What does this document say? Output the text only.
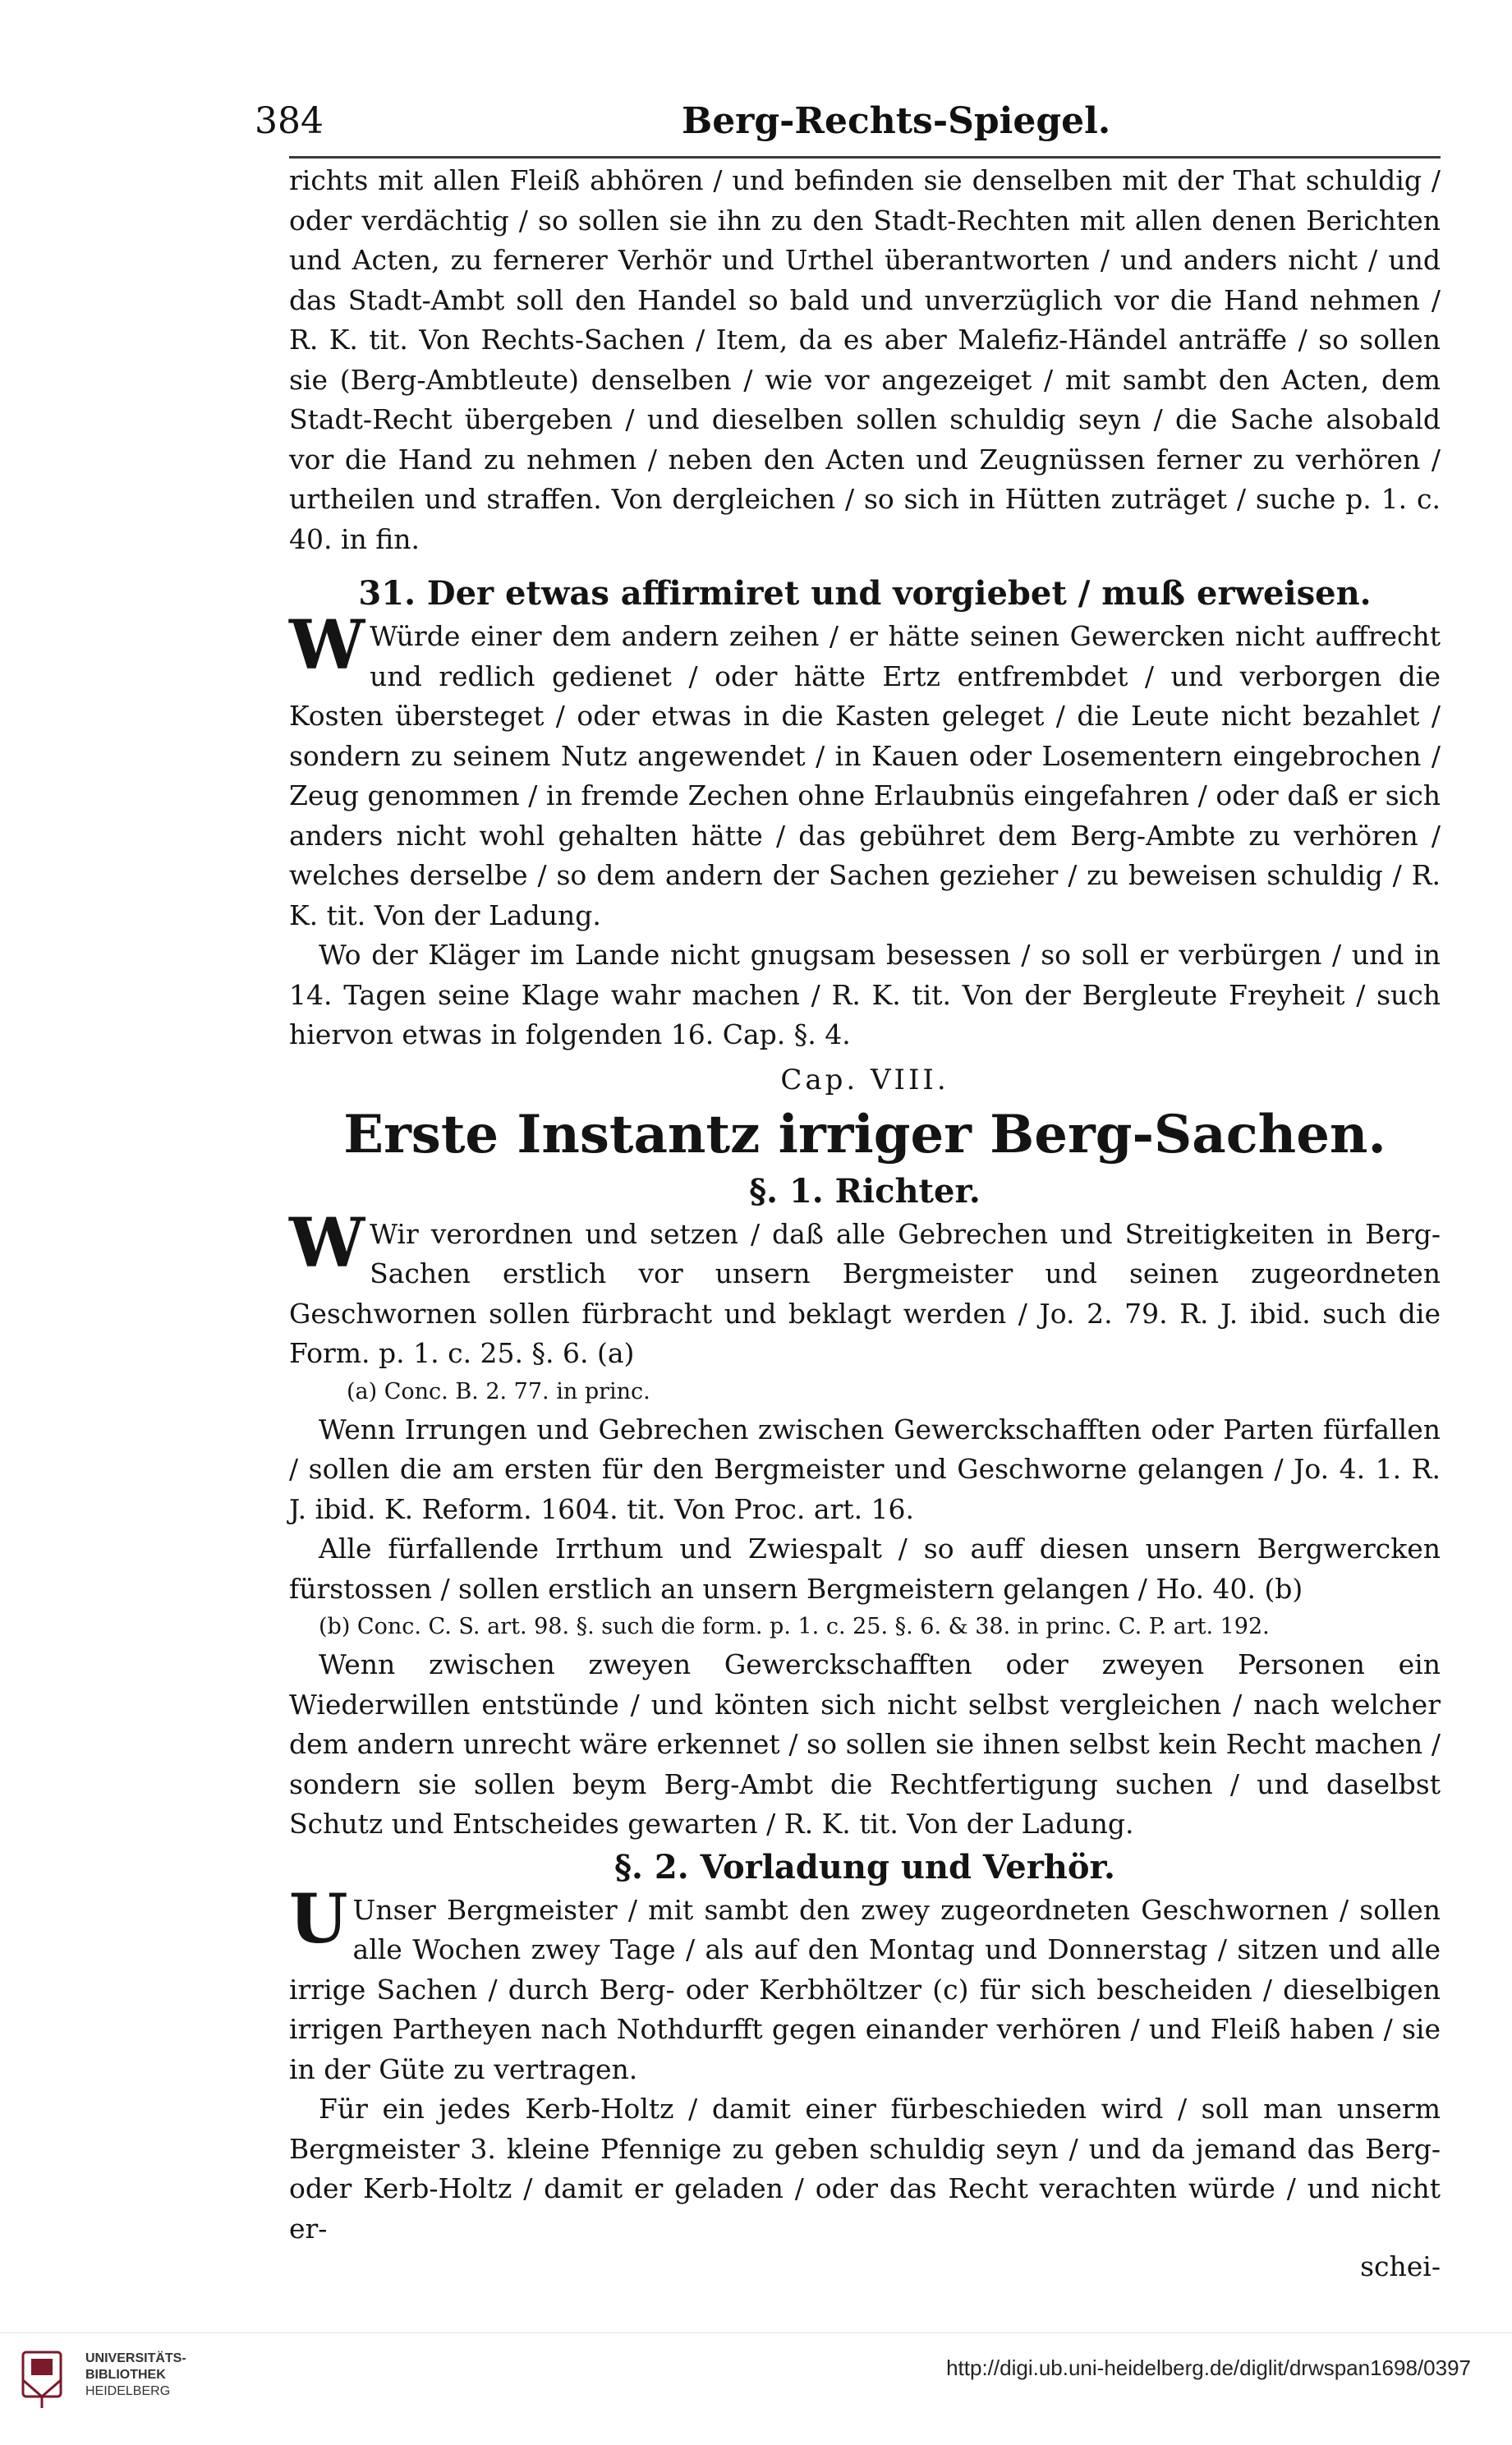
384	Berg-Rechts-Spiegel.

richts mit allen Fleiß abhören / und befinden sie denselben mit der That schuldig / oder verdächtig / so sollen sie ihn zu den Stadt-Rechten mit allen denen Berichten und Acten, zu fernerer Verhör und Urthel überantworten / und anders nicht / und das Stadt-Ambt soll den Handel so bald und unverzüglich vor die Hand nehmen / R. K. tit. Von Rechts-Sachen / Item, da es aber Malefiz-Händel anträffe / so sollen sie (Berg-Ambtleute) denselben / wie vor angezeiget / mit sambt den Acten, dem Stadt-Recht übergeben / und dieselben sollen schuldig seyn / die Sache alsobald vor die Hand zu nehmen / neben den Acten und Zeugnüssen ferner zu verhören / urtheilen und straffen. Von dergleichen / so sich in Hütten zuträget / suche p. 1. c. 40. in fin.

31. Der etwas affirmiret und vorgiebet / muß erweisen.

W Würde einer dem andern zeihen / er hätte seinen Gewercken nicht auffrecht und redlich gedienet / oder hätte Ertz entfrembdet / und verborgen die Kosten übersteget / oder etwas in die Kasten geleget / die Leute nicht bezahlet / sondern zu seinem Nutz angewendet / in Kauen oder Losementern eingebrochen / Zeug genommen / in fremde Zechen ohne Erlaubnüs eingefahren / oder daß er sich anders nicht wohl gehalten hätte / das gebühret dem Berg-Ambte zu verhören / welches derselbe / so dem andern der Sachen gezieher / zu beweisen schuldig / R. K. tit. Von der Ladung.

Wo der Kläger im Lande nicht gnugsam besessen / so soll er verbürgen / und in 14. Tagen seine Klage wahr machen / R. K. tit. Von der Bergleute Freyheit / such hiervon etwas in folgenden 16. Cap. §. 4.

Cap. VIII.
Erste Instantz irriger Berg-Sachen.
§. 1. Richter.

W Wir verordnen und setzen / daß alle Gebrechen und Streitigkeiten in Berg-Sachen erstlich vor unsern Bergmeister und seinen zugeordneten Geschwornen sollen fürbracht und beklagt werden / Jo. 2. 79. R. J. ibid. such die Form. p. 1. c. 25. §. 6. (a)

(a) Conc. B. 2. 77. in princ.

Wenn Irrungen und Gebrechen zwischen Gewerckschafften oder Parten fürfallen / sollen die am ersten für den Bergmeister und Geschworne gelangen / Jo. 4. 1. R. J. ibid. K. Reform. 1604. tit. Von Proc. art. 16.

Alle fürfallende Irrthum und Zwiespalt / so auff diesen unsern Bergwercken fürstossen / sollen erstlich an unsern Bergmeistern gelangen / Ho. 40. (b)

(b) Conc. C. S. art. 98. §. such die form. p. 1. c. 25. §. 6. & 38. in princ. C. P. art. 192.

Wenn zwischen zweyen Gewerckschafften oder zweyen Personen ein Wiederwillen entstünde / und könten sich nicht selbst vergleichen / nach welcher dem andern unrecht wäre erkennet / so sollen sie ihnen selbst kein Recht machen / sondern sie sollen beym Berg-Ambt die Rechtfertigung suchen / und daselbst Schutz und Entscheides gewarten / R. K. tit. Von der Ladung.

§. 2. Vorladung und Verhör.

U Unser Bergmeister / mit sambt den zwey zugeordneten Geschwornen / sollen alle Wochen zwey Tage / als auf den Montag und Donnerstag / sitzen und alle irrige Sachen / durch Berg- oder Kerbhöltzer (c) für sich bescheiden / dieselbigen irrigen Partheyen nach Nothdurfft gegen einander verhören / und Fleiß haben / sie in der Güte zu vertragen.

Für ein jedes Kerb-Holtz / damit einer fürbeschieden wird / soll man unserm Bergmeister 3. kleine Pfennige zu geben schuldig seyn / und da jemand das Berg- oder Kerb-Holtz / damit er geladen / oder das Recht verachten würde / und nicht er-

schei-
UNIVERSITÄTS-
BIBLIOTHEK
HEIDELBERG
http://digi.ub.uni-heidelberg.de/diglit/drwspan1698/0397
